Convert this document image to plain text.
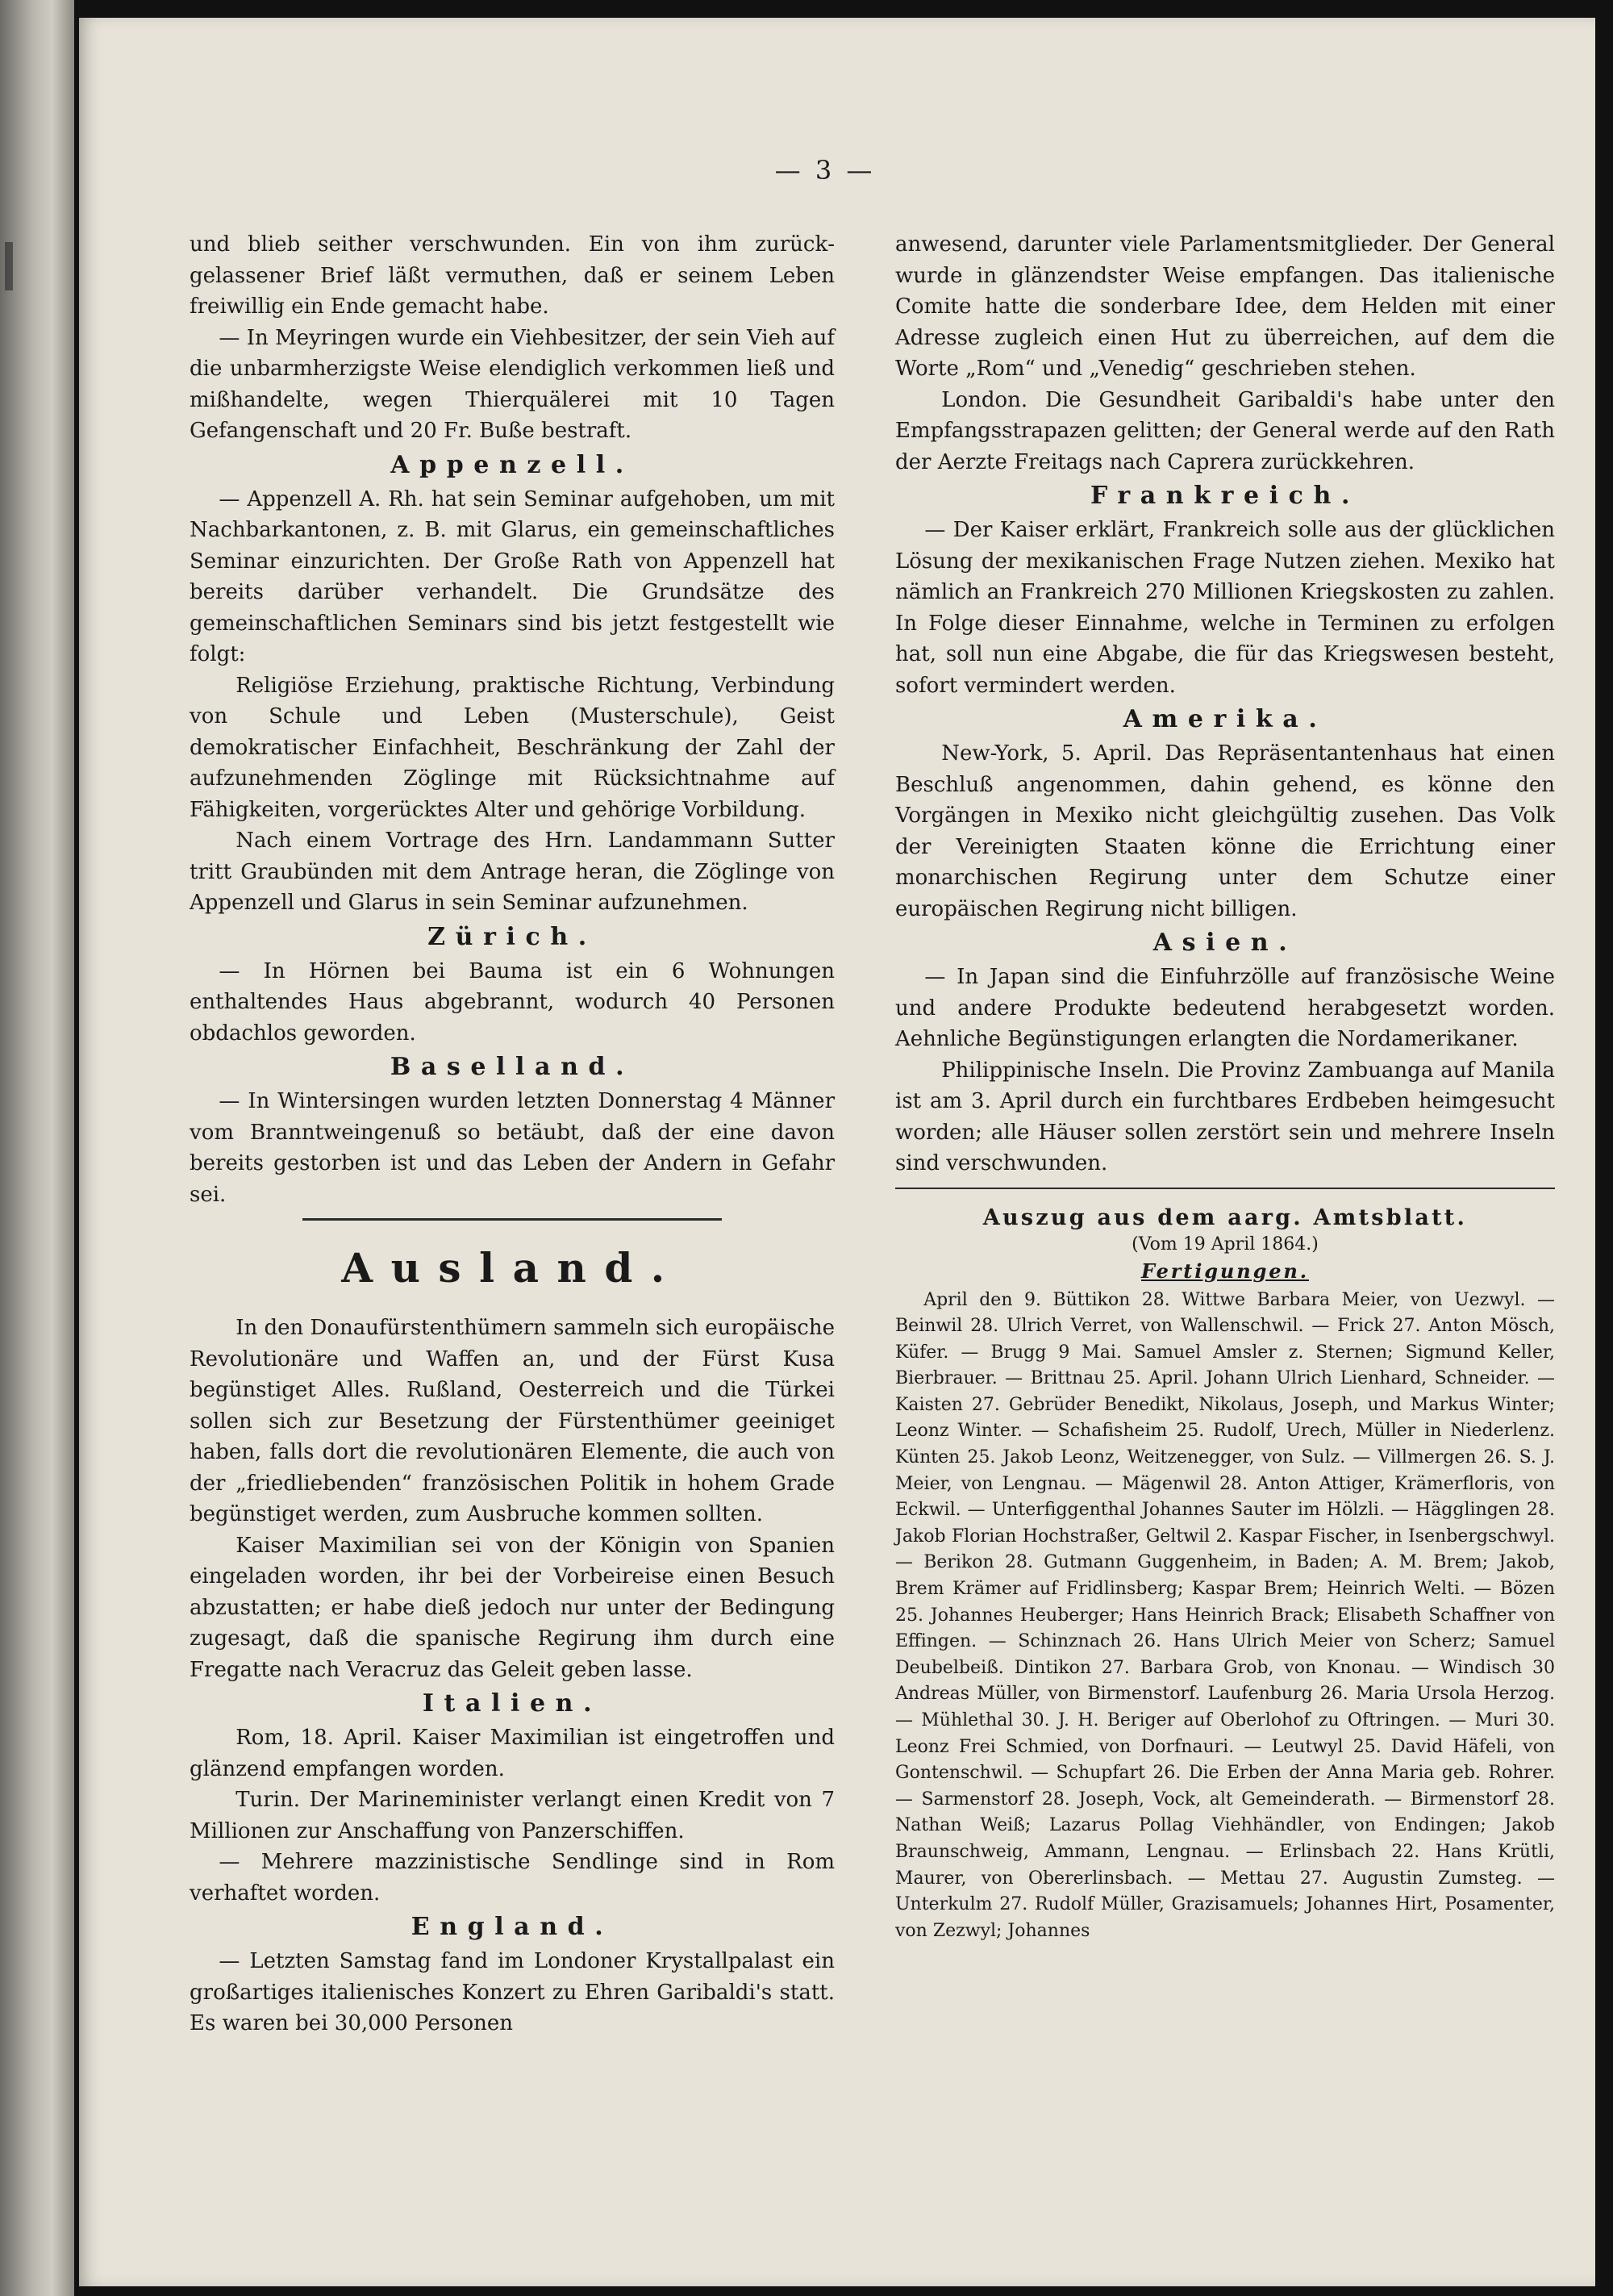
— 3 —

und blieb seither verschwunden. Ein von ihm zurückgelassener Brief läßt vermuthen, daß er seinem Leben freiwillig ein Ende gemacht habe.

— In Meyringen wurde ein Viehbesitzer, der sein Vieh auf die unbarmherzigste Weise elendiglich verkommen ließ und mißhandelte, wegen Thierquälerei mit 10 Tagen Gefangenschaft und 20 Fr. Buße bestraft.

Appenzell.

— Appenzell A. Rh. hat sein Seminar aufgehoben, um mit Nachbarkantonen, z. B. mit Glarus, ein gemeinschaftliches Seminar einzurichten. Der Große Rath von Appenzell hat bereits darüber verhandelt. Die Grundsätze des gemeinschaftlichen Seminars sind bis jetzt festgestellt wie folgt:

Religiöse Erziehung, praktische Richtung, Verbindung von Schule und Leben (Musterschule), Geist demokratischer Einfachheit, Beschränkung der Zahl der aufzunehmenden Zöglinge mit Rücksichtnahme auf Fähigkeiten, vorgerücktes Alter und gehörige Vorbildung.

Nach einem Vortrage des Hrn. Landammann Sutter tritt Graubünden mit dem Antrage heran, die Zöglinge von Appenzell und Glarus in sein Seminar aufzunehmen.

Zürich.

— In Hörnen bei Bauma ist ein 6 Wohnungen enthaltendes Haus abgebrannt, wodurch 40 Personen obdachlos geworden.

Baselland.

— In Wintersingen wurden letzten Donnerstag 4 Männer vom Branntweingenuß so betäubt, daß der eine davon bereits gestorben ist und das Leben der Andern in Gefahr sei.

Ausland.

In den Donaufürstenthümern sammeln sich europäische Revolutionäre und Waffen an, und der Fürst Kusa begünstiget Alles. Rußland, Oesterreich und die Türkei sollen sich zur Besetzung der Fürstenthümer geeiniget haben, falls dort die revolutionären Elemente, die auch von der „friedliebenden“ französischen Politik in hohem Grade begünstiget werden, zum Ausbruche kommen sollten.

Kaiser Maximilian sei von der Königin von Spanien eingeladen worden, ihr bei der Vorbeireise einen Besuch abzustatten; er habe dieß jedoch nur unter der Bedingung zugesagt, daß die spanische Regirung ihm durch eine Fregatte nach Veracruz das Geleit geben lasse.

Italien.

Rom, 18. April. Kaiser Maximilian ist eingetroffen und glänzend empfangen worden.

Turin. Der Marineminister verlangt einen Kredit von 7 Millionen zur Anschaffung von Panzerschiffen.

— Mehrere mazzinistische Sendlinge sind in Rom verhaftet worden.

England.

— Letzten Samstag fand im Londoner Krystallpalast ein großartiges italienisches Konzert zu Ehren Garibaldi's statt. Es waren bei 30,000 Personen

anwesend, darunter viele Parlamentsmitglieder. Der General wurde in glänzendster Weise empfangen. Das italienische Comite hatte die sonderbare Idee, dem Helden mit einer Adresse zugleich einen Hut zu überreichen, auf dem die Worte „Rom“ und „Venedig“ geschrieben stehen.

London. Die Gesundheit Garibaldi's habe unter den Empfangsstrapazen gelitten; der General werde auf den Rath der Aerzte Freitags nach Caprera zurückkehren.

Frankreich.

— Der Kaiser erklärt, Frankreich solle aus der glücklichen Lösung der mexikanischen Frage Nutzen ziehen. Mexiko hat nämlich an Frankreich 270 Millionen Kriegskosten zu zahlen. In Folge dieser Einnahme, welche in Terminen zu erfolgen hat, soll nun eine Abgabe, die für das Kriegswesen besteht, sofort vermindert werden.

Amerika.

New-York, 5. April. Das Repräsentantenhaus hat einen Beschluß angenommen, dahin gehend, es könne den Vorgängen in Mexiko nicht gleichgültig zusehen. Das Volk der Vereinigten Staaten könne die Errichtung einer monarchischen Regirung unter dem Schutze einer europäischen Regirung nicht billigen.

Asien.

— In Japan sind die Einfuhrzölle auf französische Weine und andere Produkte bedeutend herabgesetzt worden. Aehnliche Begünstigungen erlangten die Nordamerikaner.

Philippinische Inseln. Die Provinz Zambuanga auf Manila ist am 3. April durch ein furchtbares Erdbeben heimgesucht worden; alle Häuser sollen zerstört sein und mehrere Inseln sind verschwunden.

Auszug aus dem aarg. Amtsblatt.
(Vom 19 April 1864.)
Fertigungen.

April den 9. Büttikon 28. Wittwe Barbara Meier, von Uezwyl. — Beinwil 28. Ulrich Verret, von Wallenschwil. — Frick 27. Anton Mösch, Küfer. — Brugg 9 Mai. Samuel Amsler z. Sternen; Sigmund Keller, Bierbrauer. — Brittnau 25. April. Johann Ulrich Lienhard, Schneider. — Kaisten 27. Gebrüder Benedikt, Nikolaus, Joseph, und Markus Winter; Leonz Winter. — Schafisheim 25. Rudolf, Urech, Müller in Niederlenz. Künten 25. Jakob Leonz, Weitzenegger, von Sulz. — Villmergen 26. S. J. Meier, von Lengnau. — Mägenwil 28. Anton Attiger, Krämerfloris, von Eckwil. — Unterfiggenthal Johannes Sauter im Hölzli. — Hägglingen 28. Jakob Florian Hochstraßer, Geltwil 2. Kaspar Fischer, in Isenbergschwyl. — Berikon 28. Gutmann Guggenheim, in Baden; A. M. Brem; Jakob, Brem Krämer auf Fridlinsberg; Kaspar Brem; Heinrich Welti. — Bözen 25. Johannes Heuberger; Hans Heinrich Brack; Elisabeth Schaffner von Effingen. — Schinznach 26. Hans Ulrich Meier von Scherz; Samuel Deubelbeiß. Dintikon 27. Barbara Grob, von Knonau. — Windisch 30 Andreas Müller, von Birmenstorf. Laufenburg 26. Maria Ursola Herzog. — Mühlethal 30. J. H. Beriger auf Oberlohof zu Oftringen. — Muri 30. Leonz Frei Schmied, von Dorfnauri. — Leutwyl 25. David Häfeli, von Gontenschwil. — Schupfart 26. Die Erben der Anna Maria geb. Rohrer. — Sarmenstorf 28. Joseph, Vock, alt Gemeinderath. — Birmenstorf 28. Nathan Weiß; Lazarus Pollag Viehhändler, von Endingen; Jakob Braunschweig, Ammann, Lengnau. — Erlinsbach 22. Hans Krütli, Maurer, von Obererlinsbach. — Mettau 27. Augustin Zumsteg. — Unterkulm 27. Rudolf Müller, Grazisamuels; Johannes Hirt, Posamenter, von Zezwyl; Johannes
